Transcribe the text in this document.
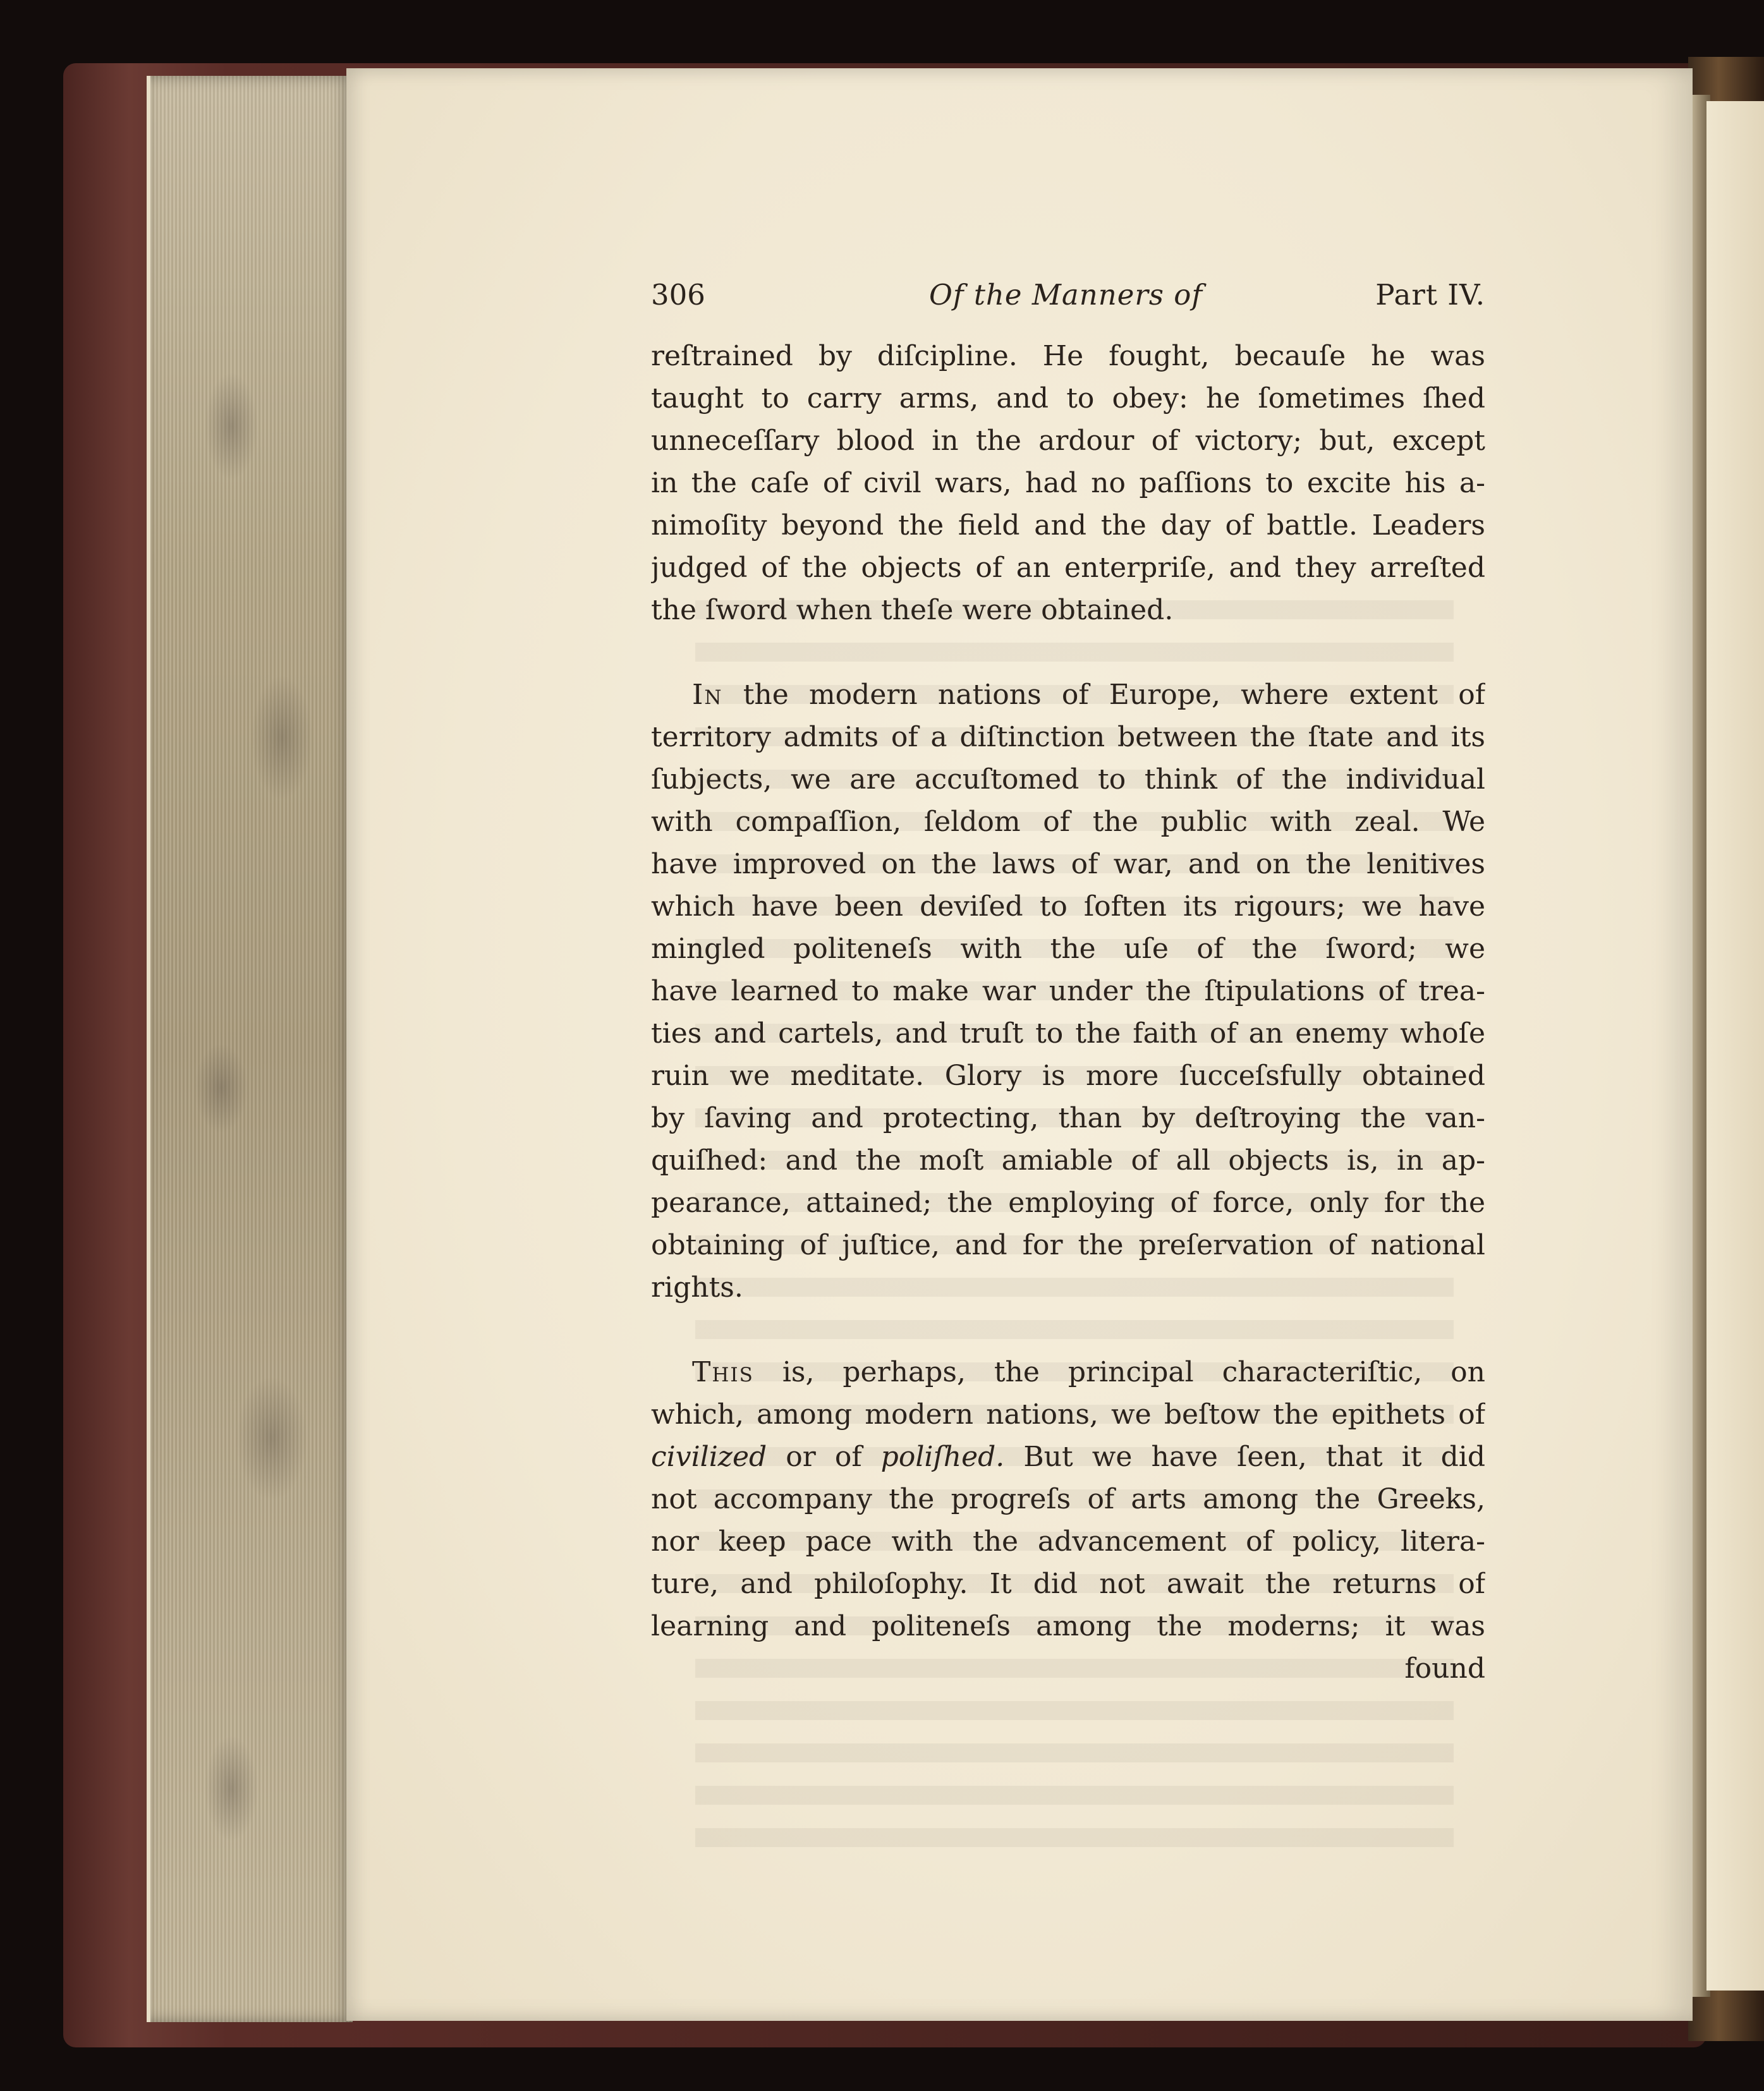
306	Of the Manners of	Part IV.
reſtrained by diſcipline. He fought, becauſe he was
taught to carry arms, and to obey: he ſometimes ſhed
unneceſſary blood in the ardour of victory; but, except
in the caſe of civil wars, had no paſſions to excite his a-
nimoſity beyond the field and the day of battle. Leaders
judged of the objects of an enterpriſe, and they arreſted
the ſword when theſe were obtained.
In the modern nations of Europe, where extent of
territory admits of a diſtinction between the ſtate and its
ſubjects, we are accuſtomed to think of the individual
with compaſſion, ſeldom of the public with zeal. We
have improved on the laws of war, and on the lenitives
which have been deviſed to ſoften its rigours; we have
mingled politeneſs with the uſe of the ſword; we
have learned to make war under the ſtipulations of trea-
ties and cartels, and truſt to the faith of an enemy whoſe
ruin we meditate. Glory is more ſucceſsfully obtained
by ſaving and protecting, than by deſtroying the van-
quiſhed: and the moſt amiable of all objects is, in ap-
pearance, attained; the employing of force, only for the
obtaining of juſtice, and for the preſervation of national
rights.
This is, perhaps, the principal characteriſtic, on
which, among modern nations, we beſtow the epithets of
civilized or of poliſhed. But we have ſeen, that it did
not accompany the progreſs of arts among the Greeks,
nor keep pace with the advancement of policy, litera-
ture, and philoſophy. It did not await the returns of
learning and politeneſs among the moderns; it was
found
